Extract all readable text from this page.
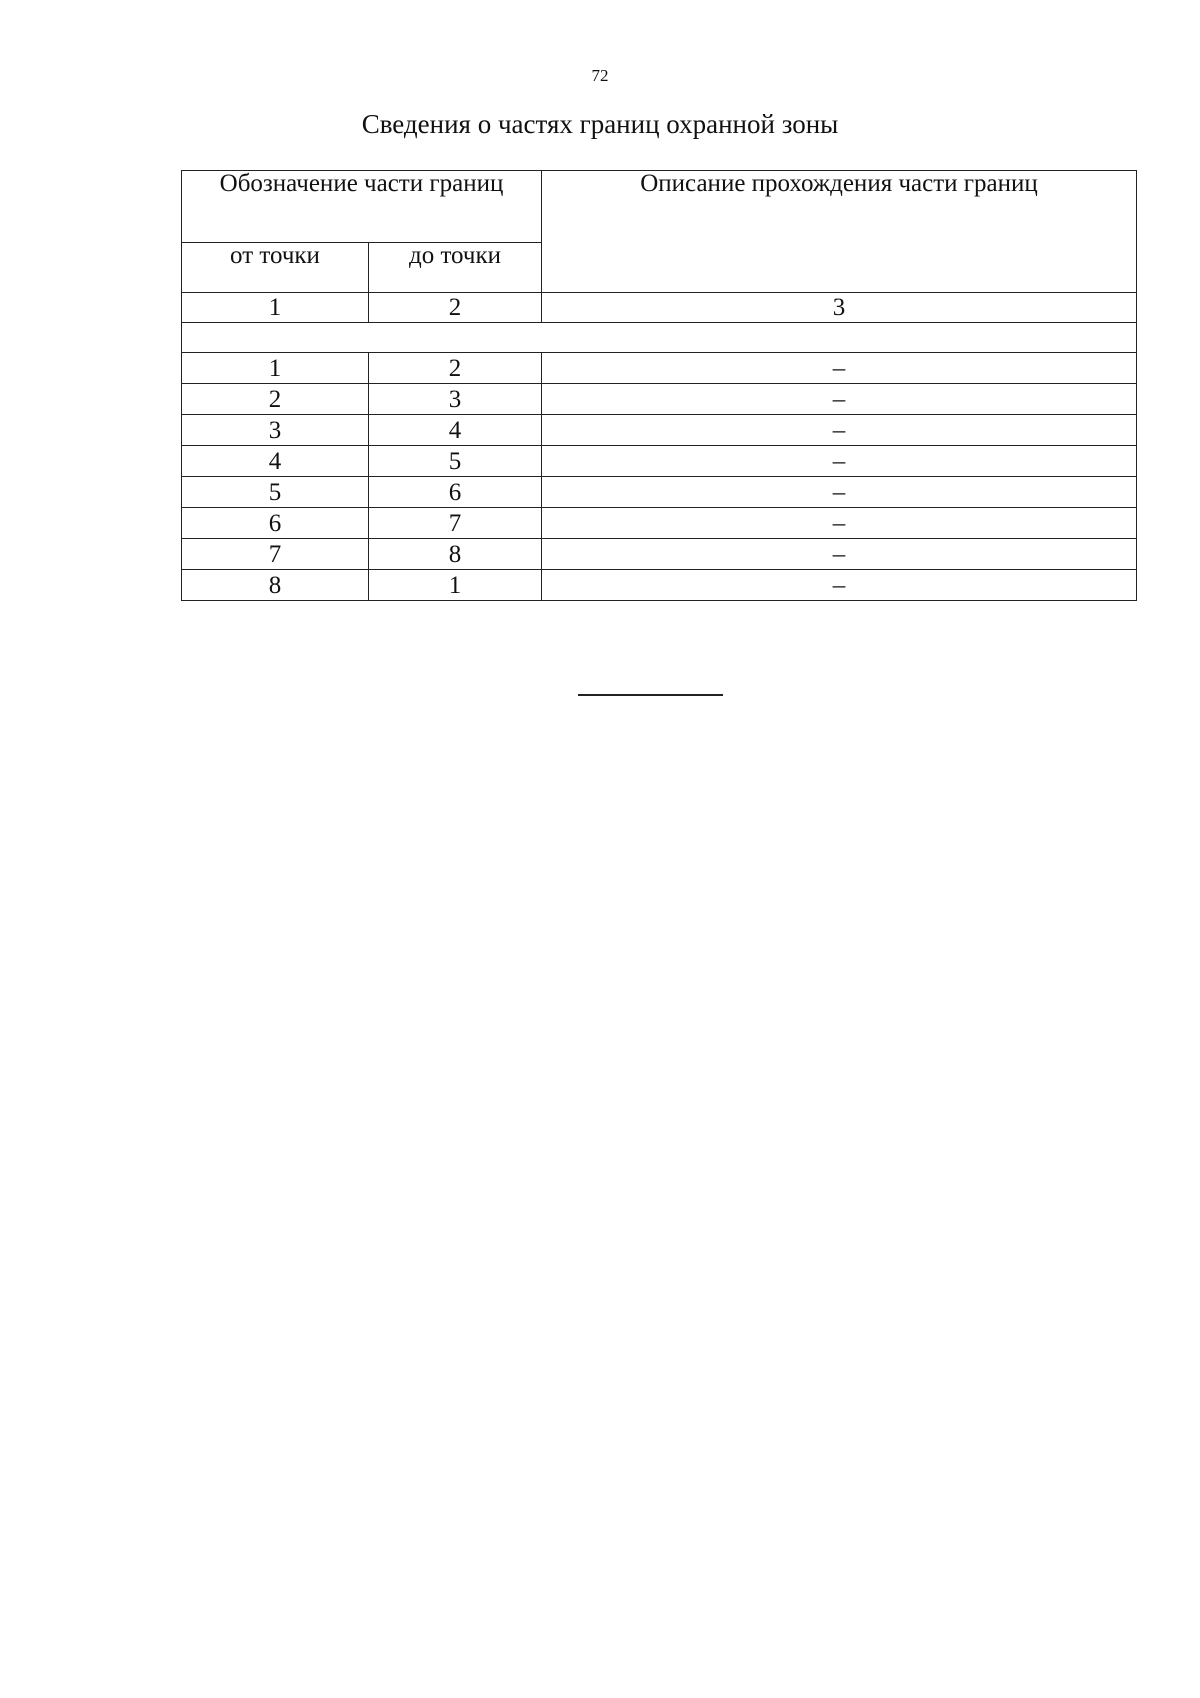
72
Сведения о частях границ охранной зоны
Обозначение части границ		Описание прохождения части границ
от точки	до точки	
1	2	3

1	2	–
2	3	–
3	4	–
4	5	–
5	6	–
6	7	–
7	8	–
8	1	–
